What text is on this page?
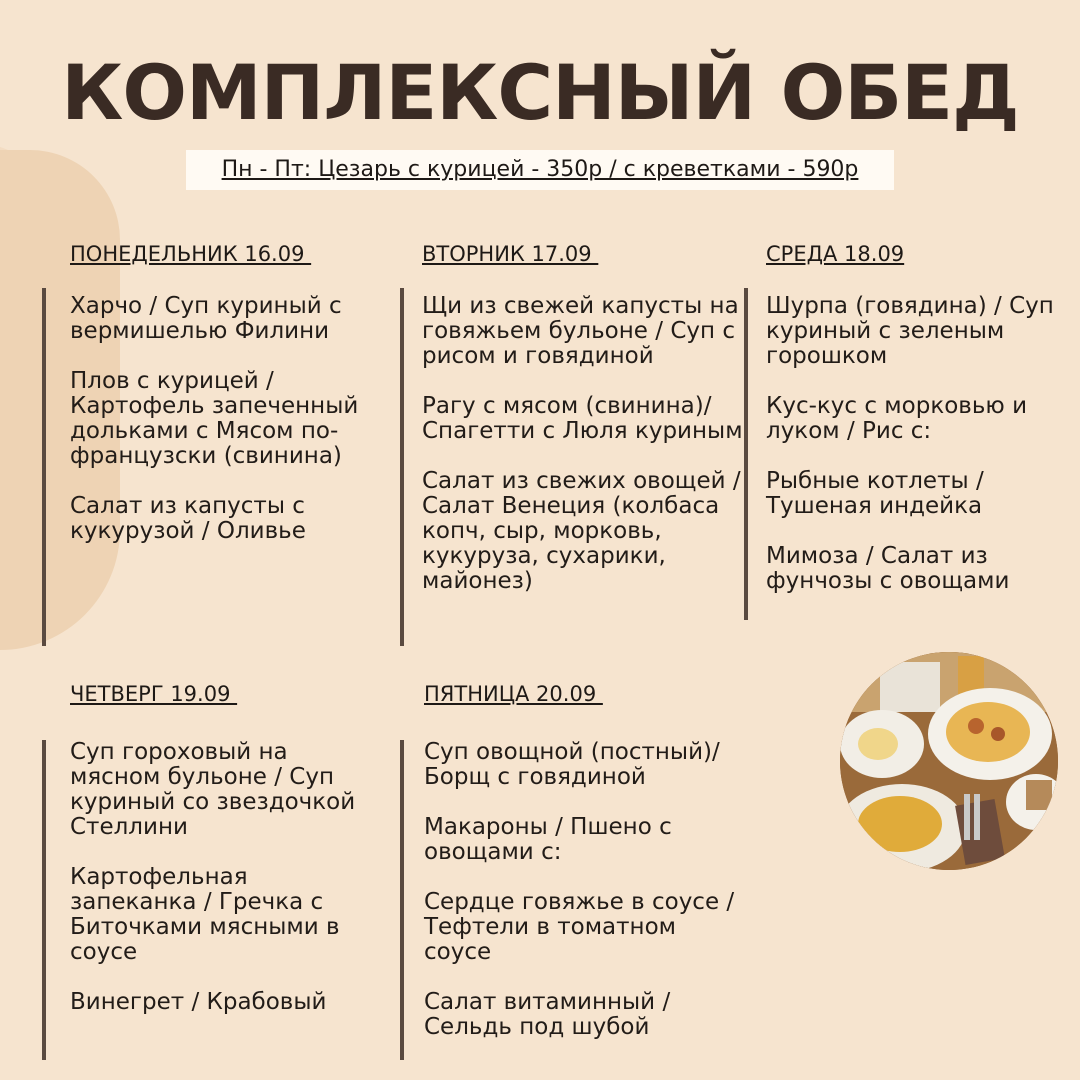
КОМПЛЕКСНЫЙ ОБЕД
Пн - Пт: Цезарь с курицей - 350р / с креветками - 590р
ПОНЕДЕЛЬНИК 16.09

Харчо / Суп куриный с вермишелью Филини

Плов с курицей / Картофель запеченный дольками с Мясом по-французски (свинина)

Салат из капусты с кукурузой / Оливье

ВТОРНИК 17.09

Щи из свежей капусты на говяжьем бульоне / Суп с рисом и говядиной

Рагу с мясом (свинина)/ Спагетти с Люля куриным

Салат из свежих овощей / Салат Венеция (колбаса копч, сыр, морковь, кукуруза, сухарики, майонез)

СРЕДА 18.09

Шурпа (говядина) / Суп куриный с зеленым горошком

Кус-кус с морковью и луком / Рис с:

Рыбные котлеты / Тушеная индейка

Мимоза / Салат из фунчозы с овощами

ЧЕТВЕРГ 19.09

Суп гороховый на мясном бульоне / Суп куриный со звездочкой Стеллини

Картофельная запеканка / Гречка с Биточками мясными в соусе

Винегрет / Крабовый

ПЯТНИЦА 20.09

Суп овощной (постный)/ Борщ с говядиной

Макароны / Пшено с овощами с:

Сердце говяжье в соусе / Тефтели в томатном соусе

Салат витаминный / Сельдь под шубой
